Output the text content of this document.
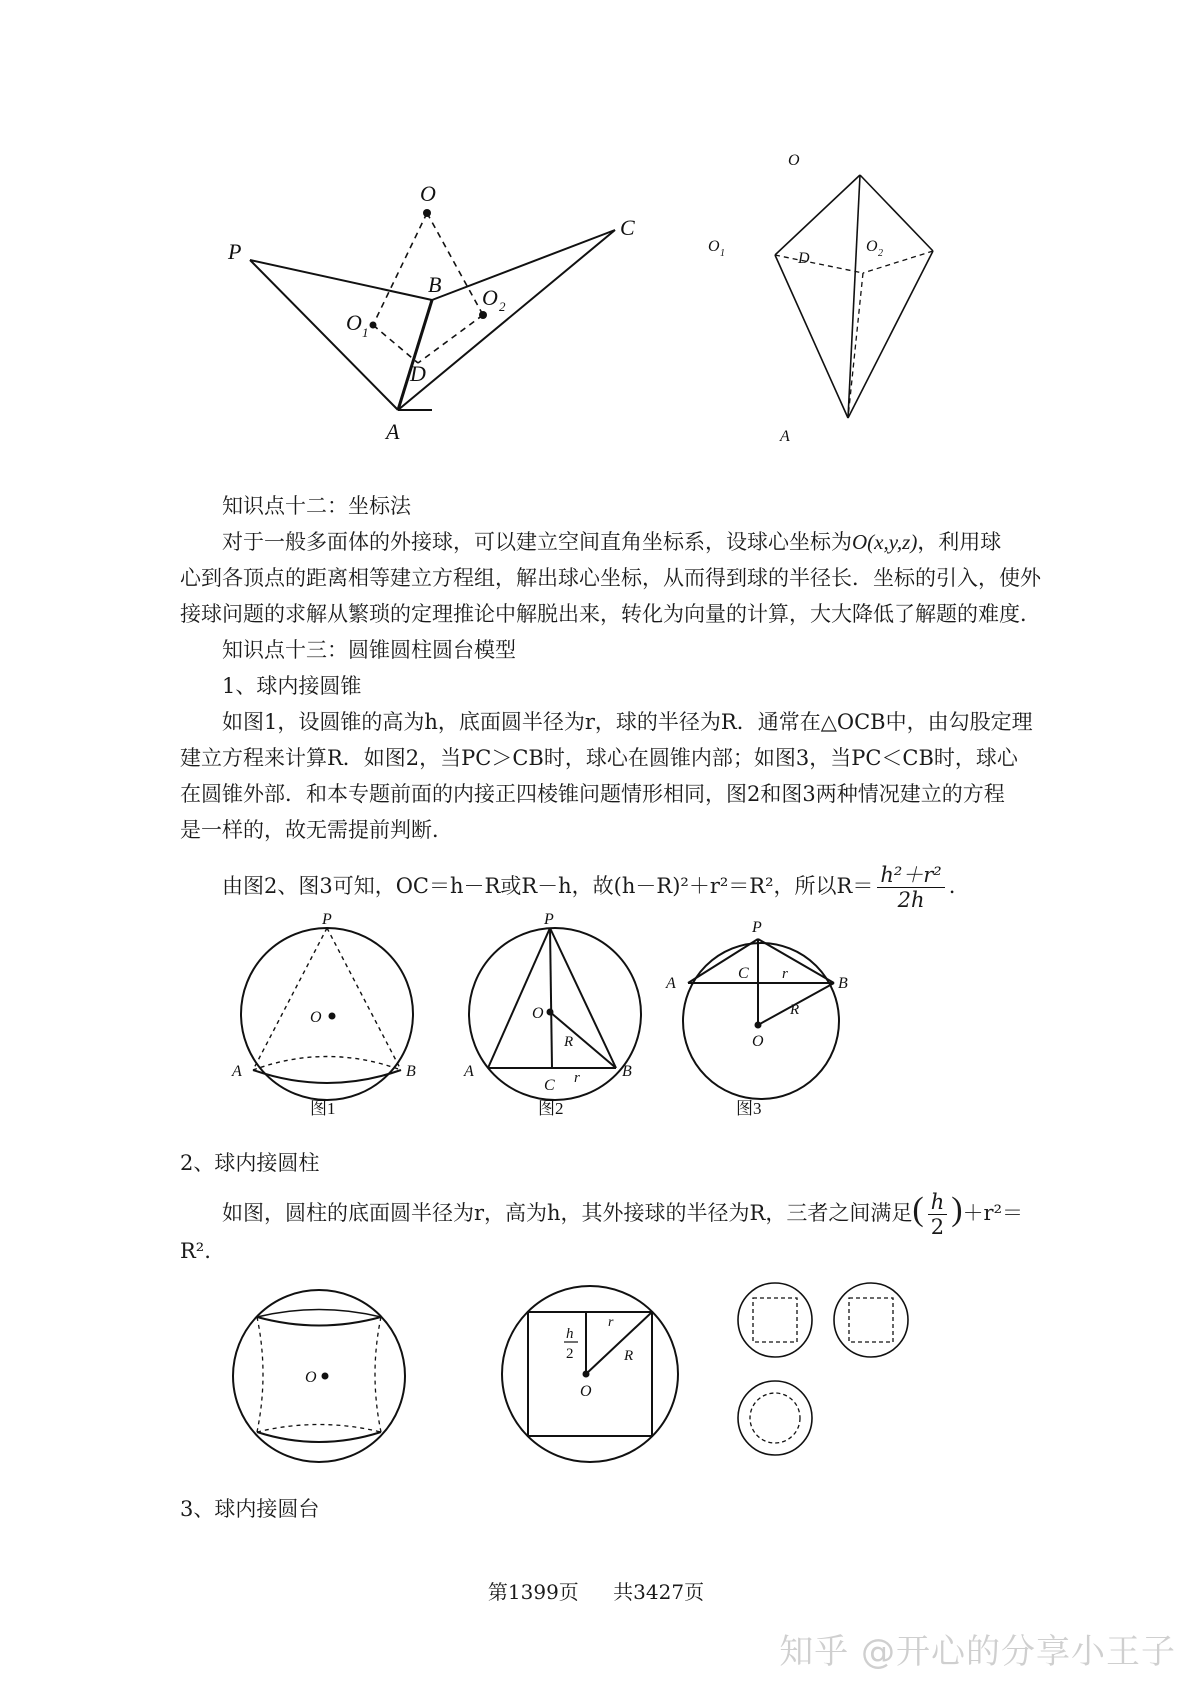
O
P
C
B
O 1
O 2
D
A
O
O 1	O 2
D
A
知识点十二：坐标法
对于一般多面体的外接球，可以建立空间直角坐标系，设球心坐标为O(x,y,z)，利用球
心到各顶点的距离相等建立方程组，解出球心坐标，从而得到球的半径长．坐标的引入，使外
接球问题的求解从繁琐的定理推论中解脱出来，转化为向量的计算，大大降低了解题的难度．
知识点十三：圆锥圆柱圆台模型
1、球内接圆锥
如图1，设圆锥的高为h，底面圆半径为r，球的半径为R．通常在△OCB中，由勾股定理
建立方程来计算R．如图2，当PC＞CB时，球心在圆锥内部；如图3，当PC＜CB时，球心
在圆锥外部．和本专题前面的内接正四棱锥问题情形相同，图2和图3两种情况建立的方程
是一样的，故无需提前判断．
由图2、图3可知，OC＝h－R或R－h，故(h－R)²＋r²＝R²，所以$R= \frac{\text{h²＋r²}}{2h}$ .
P
O
A	B
图1
P
O
R
A
C r	B
图2
P
A
C r
B
R
O
图3
2、球内接圆柱
如图，圆柱的底面圆半径为r，高为h，其外接球的半径为R，三者之间满足( $\frac{h}{2} )+r^2=$
R².
O
h
2
r
R
O
3、球内接圆台
第1399页 共3427页
知乎 @开心的分享小王子
